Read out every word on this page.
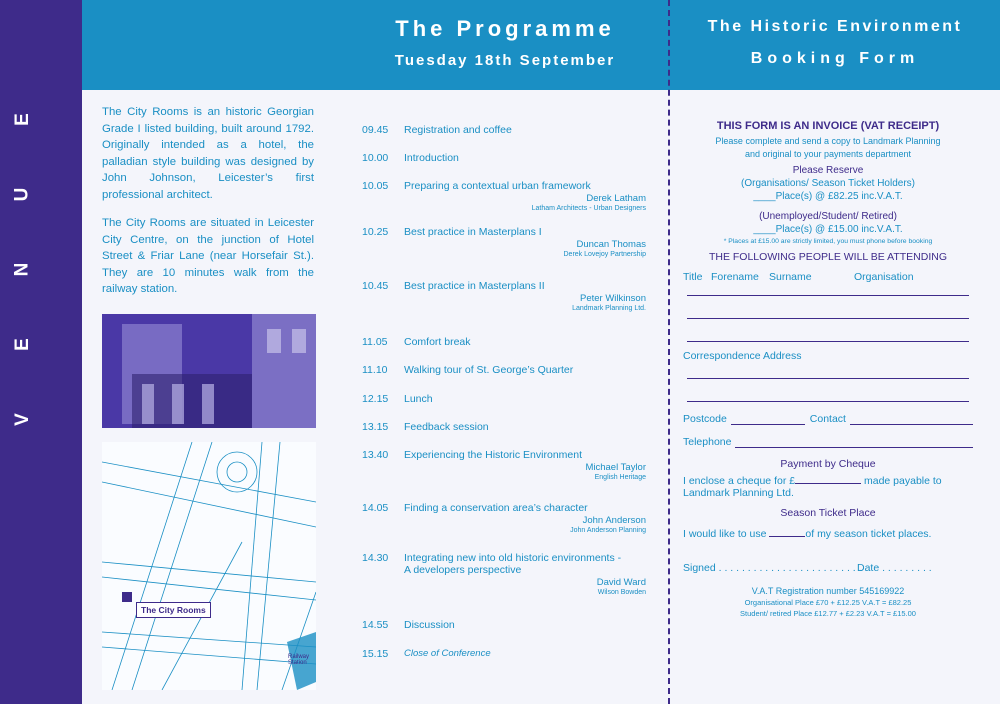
E
U
N
E
V
The Programme
Tuesday 18th September
The Historic Environment
Booking Form

The City Rooms is an historic Georgian Grade I listed building, built around 1792. Originally intended as a hotel, the palladian style building was designed by John Johnson, Leicester’s first professional architect.

The City Rooms are situated in Leicester City Centre, on the junction of Hotel Street & Friar Lane (near Horsefair St.). They are 10 minutes walk from the railway station.

The City Rooms
Railway Station
09.45 Registration and coffee
10.00 Introduction
10.05 Preparing a contextual urban framework
Derek Latham
Latham Architects - Urban Designers
10.25 Best practice in Masterplans I
Duncan Thomas
Derek Lovejoy Partnership
10.45 Best practice in Masterplans II
Peter Wilkinson
Landmark Planning Ltd.
11.05 Comfort break
11.10 Walking tour of St. George’s Quarter
12.15 Lunch
13.15 Feedback session
13.40 Experiencing the Historic Environment
Michael Taylor
English Heritage
14.05 Finding a conservation area’s character
John Anderson
John Anderson Planning
14.30 Integrating new into old historic environments -
A developers perspective
David Ward
Wilson Bowden
14.55 Discussion
15.15 Close of Conference
THIS FORM IS AN INVOICE (VAT RECEIPT)
Please complete and send a copy to Landmark Planning and original to your payments department
Please Reserve
(Organisations/ Season Ticket Holders)
____Place(s) @ £82.25 inc.V.A.T.
(Unemployed/Student/ Retired)
____Place(s) @ £15.00 inc.V.A.T.
* Places at £15.00 are strictly limited, you must phone before booking
THE FOLLOWING PEOPLE WILL BE ATTENDING
Title Forename Surname	Organisation
Correspondence Address
Postcode	Contact
Telephone
Payment by Cheque
I enclose a cheque for £	made payable to
Landmark Planning Ltd.
Season Ticket Place
I would like to use	of my season ticket places.
Signed . . . . . . . . . . . . . . . . . . . . . . . . . .
Date . . . . . . . . .
V.A.T Registration number 545169922
Organisational Place £70 + £12.25 V.A.T = £82.25
Student/ retired Place £12.77 + £2.23 V.A.T = £15.00
